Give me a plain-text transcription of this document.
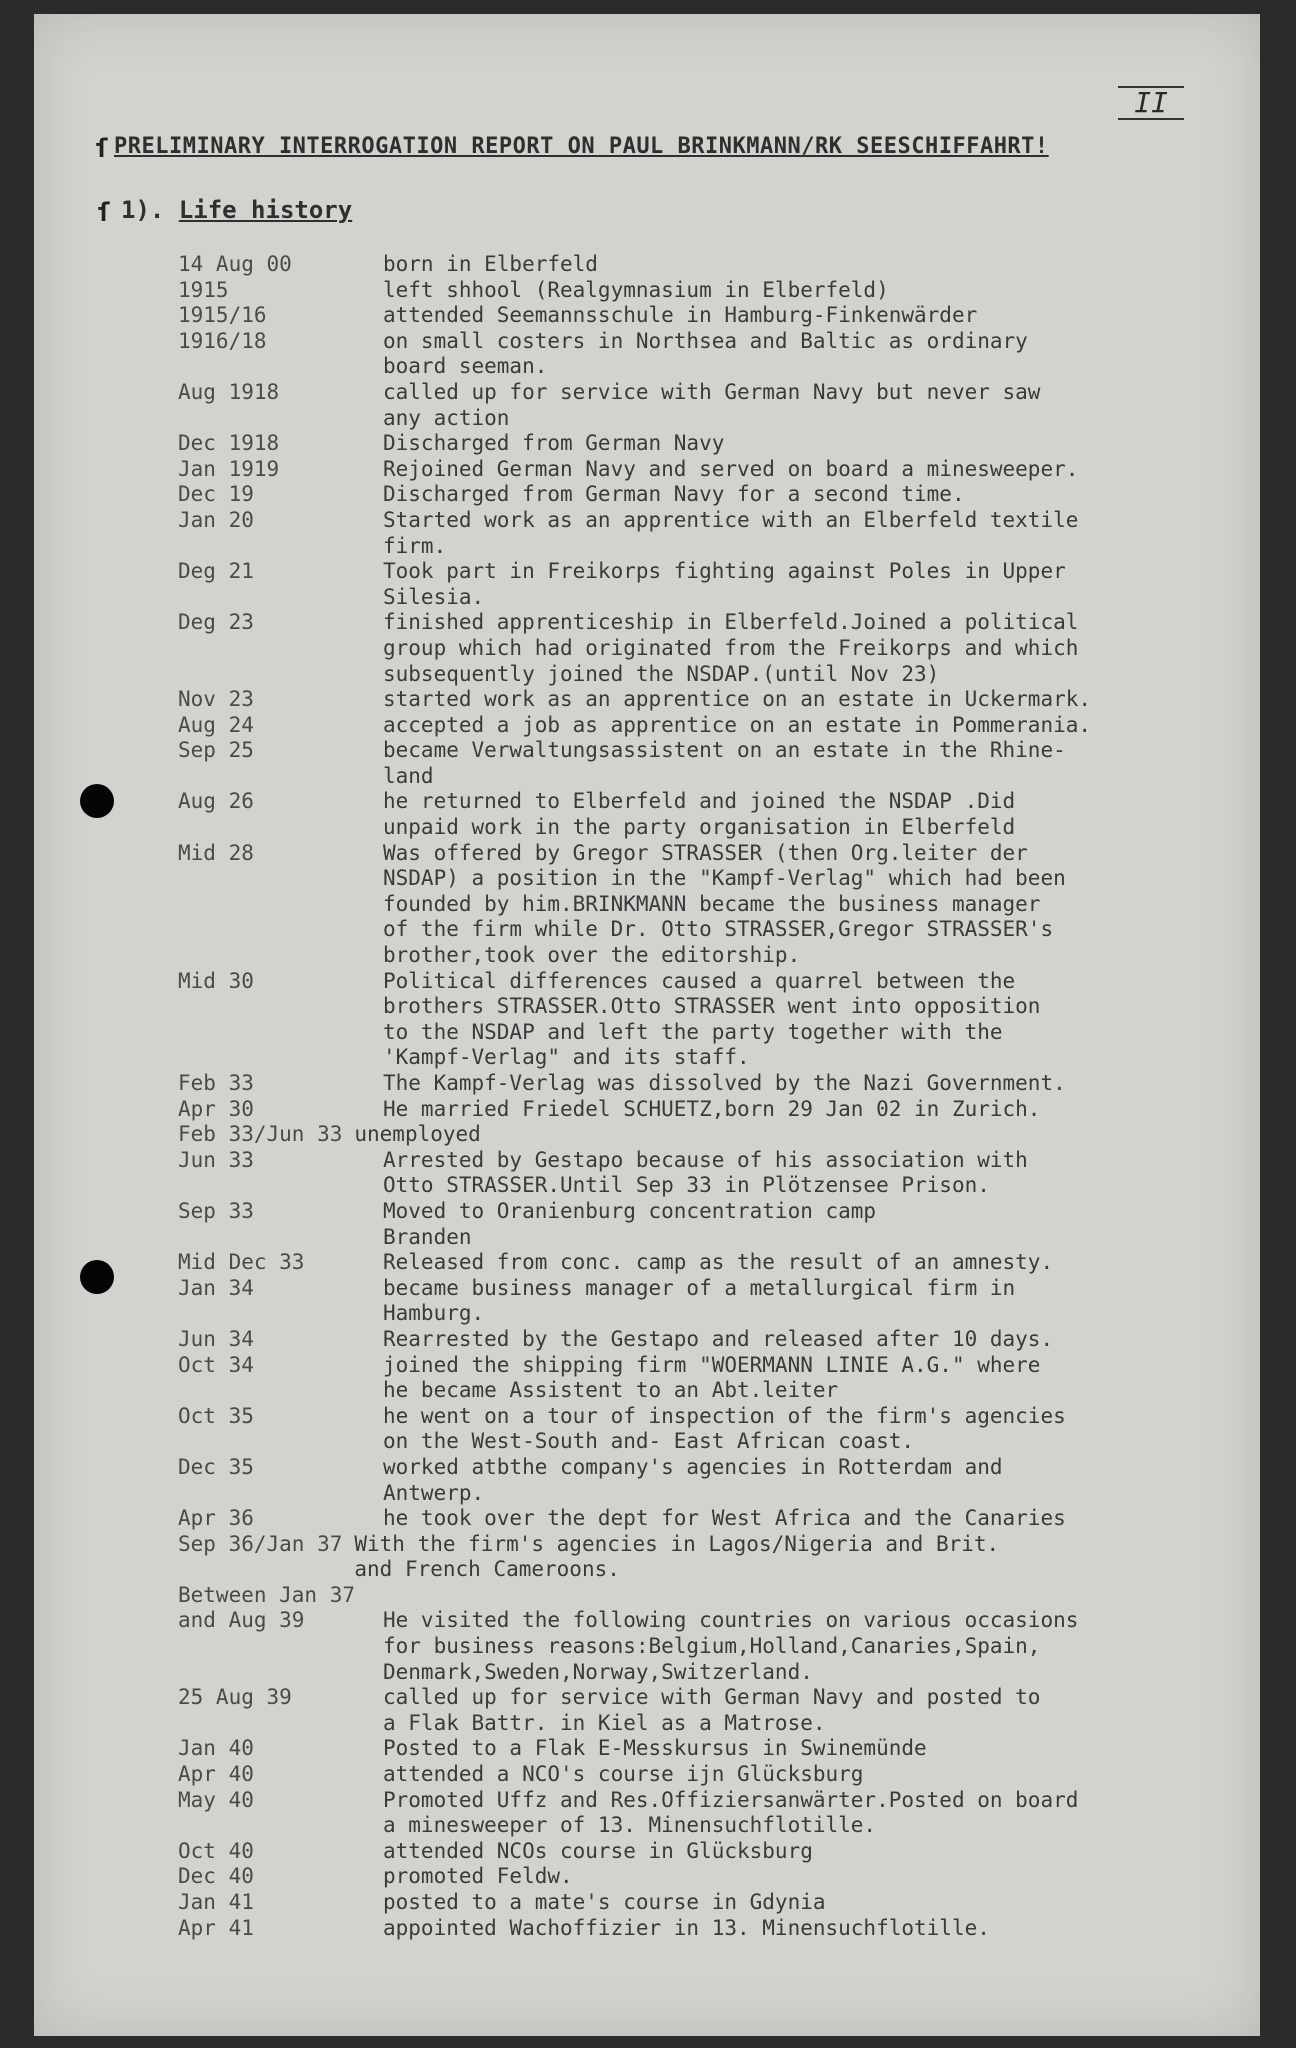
II
ſ
ſ
PRELIMINARY INTERROGATION REPORT ON PAUL BRINKMANN/RK SEESCHIFFAHRT!
1). Life history
14 Aug 00	born in Elberfeld
1915	left shhool (Realgymnasium in Elberfeld)
1915/16	attended Seemannsschule in Hamburg-Finkenwärder
1916/18	on small costers in Northsea and Baltic as ordinary
board seeman.
Aug 1918	called up for service with German Navy but never saw
any action
Dec 1918	Discharged from German Navy
Jan 1919	Rejoined German Navy and served on board a minesweeper.
Dec 19	Discharged from German Navy for a second time.
Jan 20	Started work as an apprentice with an Elberfeld textile
firm.
Deg 21	Took part in Freikorps fighting against Poles in Upper
Silesia.
Deg 23	finished apprenticeship in Elberfeld.Joined a political
group which had originated from the Freikorps and which
subsequently joined the NSDAP.(until Nov 23)
Nov 23	started work as an apprentice on an estate in Uckermark.
Aug 24	accepted a job as apprentice on an estate in Pommerania.
Sep 25	became Verwaltungsassistent on an estate in the Rhine-
land
Aug 26	he returned to Elberfeld and joined the NSDAP .Did
unpaid work in the party organisation in Elberfeld
Mid 28	Was offered by Gregor STRASSER (then Org.leiter der
NSDAP) a position in the "Kampf-Verlag" which had been
founded by him.BRINKMANN became the business manager
of the firm while Dr. Otto STRASSER,Gregor STRASSER's
brother,took over the editorship.
Mid 30	Political differences caused a quarrel between the
brothers STRASSER.Otto STRASSER went into opposition
to the NSDAP and left the party together with the
'Kampf-Verlag" and its staff.
Feb 33	The Kampf-Verlag was dissolved by the Nazi Government.
Apr 30	He married Friedel SCHUETZ,born 29 Jan 02 in Zurich.
Feb 33/Jun 33 unemployed
Jun 33	Arrested by Gestapo because of his association with
Otto STRASSER.Until Sep 33 in Plötzensee Prison.
Sep 33	Moved to Oranienburg concentration camp
Branden
Mid Dec 33	Released from conc. camp as the result of an amnesty.
Jan 34	became business manager of a metallurgical firm in
Hamburg.
Jun 34	Rearrested by the Gestapo and released after 10 days.
Oct 34	joined the shipping firm "WOERMANN LINIE A.G." where
he became Assistent to an Abt.leiter
Oct 35	he went on a tour of inspection of the firm's agencies
on the West-South and- East African coast.
Dec 35	worked atbthe company's agencies in Rotterdam and
Antwerp.
Apr 36	he took over the dept for West Africa and the Canaries
Sep 36/Jan 37 With the firm's agencies in Lagos/Nigeria and Brit.
and French Cameroons.
Between Jan 37
and Aug 39	
He visited the following countries on various occasions
for business reasons:Belgium,Holland,Canaries,Spain,
Denmark,Sweden,Norway,Switzerland.
25 Aug 39	called up for service with German Navy and posted to
a Flak Battr. in Kiel as a Matrose.
Jan 40	Posted to a Flak E-Messkursus in Swinemünde
Apr 40	attended a NCO's course ijn Glücksburg
May 40	Promoted Uffz and Res.Offiziersanwärter.Posted on board
a minesweeper of 13. Minensuchflotille.
Oct 40	attended NCOs course in Glücksburg
Dec 40	promoted Feldw.
Jan 41	posted to a mate's course in Gdynia
Apr 41	appointed Wachoffizier in 13. Minensuchflotille.
